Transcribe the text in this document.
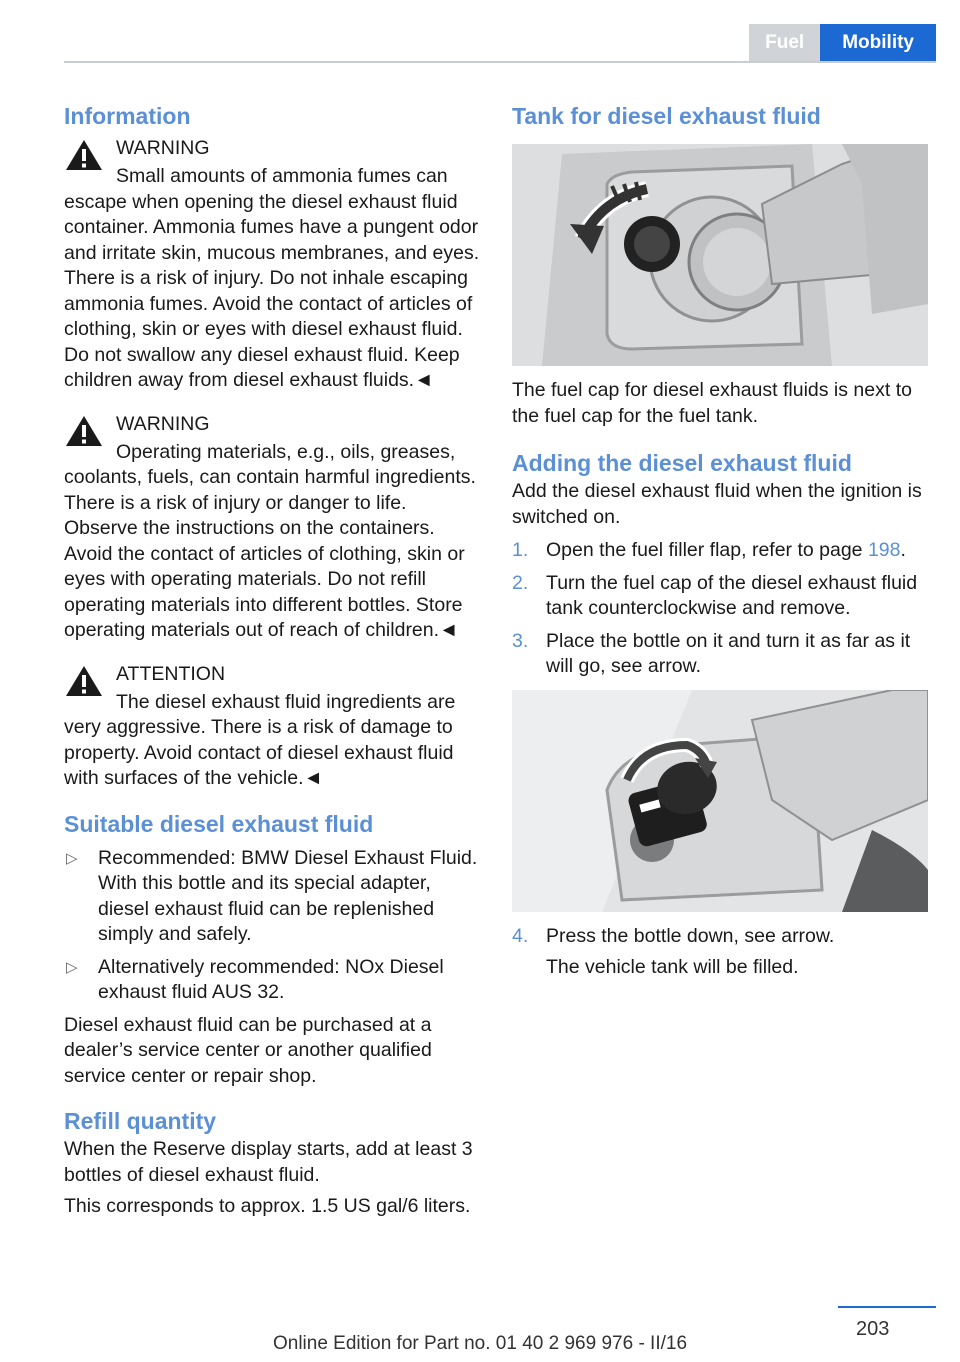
Fuel	Mobility
Information
WARNING

Small amounts of ammonia fumes can escape when opening the diesel exhaust fluid container. Ammonia fumes have a pungent odor and irritate skin, mucous membranes, and eyes. There is a risk of injury. Do not inhale escaping ammonia fumes. Avoid the contact of articles of clothing, skin or eyes with diesel exhaust fluid. Do not swallow any diesel exhaust fluid. Keep children away from diesel exhaust fluids.◄

WARNING

Operating materials, e.g., oils, greases, coolants, fuels, can contain harmful ingredients. There is a risk of injury or danger to life. Observe the instructions on the containers. Avoid the contact of articles of clothing, skin or eyes with operating materials. Do not refill operating materials into different bottles. Store operating materials out of reach of children.◄

ATTENTION

The diesel exhaust fluid ingredients are very aggressive. There is a risk of damage to property. Avoid contact of diesel exhaust fluid with surfaces of the vehicle.◄

Suitable diesel exhaust fluid
▷ Recommended: BMW Diesel Exhaust Fluid. With this bottle and its special adapter, diesel exhaust fluid can be replenished simply and safely.
▷ Alternatively recommended: NOx Diesel exhaust fluid AUS 32.

Diesel exhaust fluid can be purchased at a dealer’s service center or another qualified service center or repair shop.

Refill quantity

When the Reserve display starts, add at least 3 bottles of diesel exhaust fluid.

This corresponds to approx. 1.5 US gal/6 liters.

Tank for diesel exhaust fluid

The fuel cap for diesel exhaust fluids is next to the fuel cap for the fuel tank.

Adding the diesel exhaust fluid

Add the diesel exhaust fluid when the ignition is switched on.

1. Open the fuel filler flap, refer to page 198.
2. Turn the fuel cap of the diesel exhaust fluid tank counterclockwise and remove.
3. Place the bottle on it and turn it as far as it will go, see arrow.
4. Press the bottle down, see arrow.

The vehicle tank will be filled.

203
Online Edition for Part no. 01 40 2 969 976 - II/16
